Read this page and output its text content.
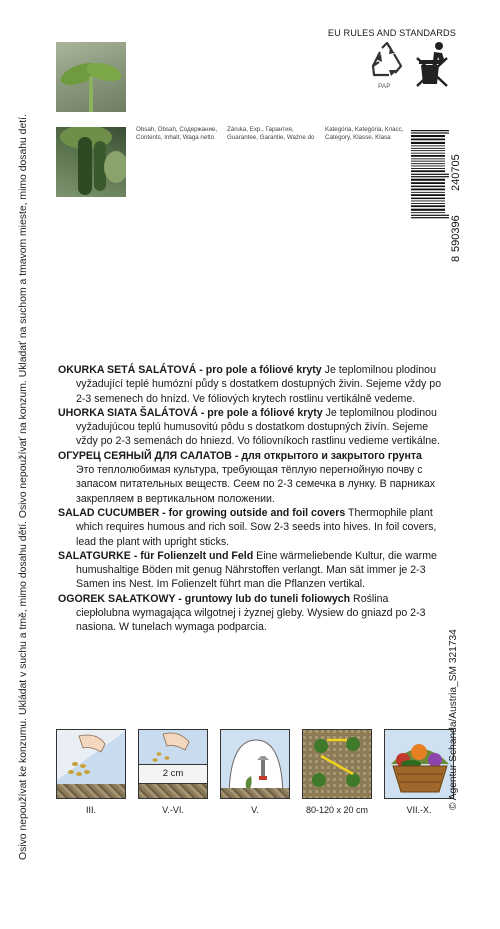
Osivo nepoužívat ke konzumu. Ukládat v suchu a tmě, mimo dosahu dětí. Osivo nepoužívať na konzum. Ukladať na suchom a tmavom mieste, mimo dosahu detí.	Obsah, Obsah, Содержание,
Contents, Inhalt, Waga netto
Záruka, Exp., Гарантия,
Guarantee, Garantie, Ważne do
Kategória, Kategória, Класс,
Category, Klasse, Klasa
EU RULES AND STANDARDS
PAP
8
590396
240705

OKURKA SETÁ SALÁTOVÁ - pro pole a fóliové kryty Je teplomilnou plodinou vyžadující teplé humózní půdy s dostatkem dostupných živin. Sejeme vždy po 2-3 semenech do hnízd. Ve fóliových krytech rostlinu vertikálně vedeme.

UHORKA SIATA ŠALÁTOVÁ - pre pole a fóliové kryty Je teplomilnou plodinou vyžadujúcou teplú humusovitú pôdu s dostatkom dostupných živín. Sejeme vždy po 2-3 semenách do hniezd. Vo fóliovníkoch rastlinu vedieme vertikálne.

ОГУРЕЦ СЕЯНЫЙ ДЛЯ САЛАТОВ - для открытого и закрытого грунта Это теплолюбимая культура, требующая тёплую перегнойную почву с запасом питательных веществ. Сеем по 2-3 семечка в лунку. В парниках закрепляем в вертикальном положении.

SALAD CUCUMBER - for growing outside and foil covers Thermophile plant which requires humous and rich soil. Sow 2-3 seeds into hives. In foil covers, lead the plant with upright sticks.

SALATGURKE - für Folienzelt und Feld Eine wärmeliebende Kultur, die warme humushaltige Böden mit genug Nährstoffen verlangt. Man sät immer je 2-3 Samen ins Nest. Im Folienzelt führt man die Pflanzen vertikal.

OGOREK SAŁATKOWY - gruntowy lub do tuneli foliowych Roślina ciepłolubna wymagająca wilgotnej i żyznej gleby. Wysiew do gniazd po 2-3 nasiona. W tunelach wymaga podparcia.

2 cm
III.	V.-VI.	V.	80-120 x 20 cm	VII.-X.	© Agentur Schanda/Austria_SM 321734
